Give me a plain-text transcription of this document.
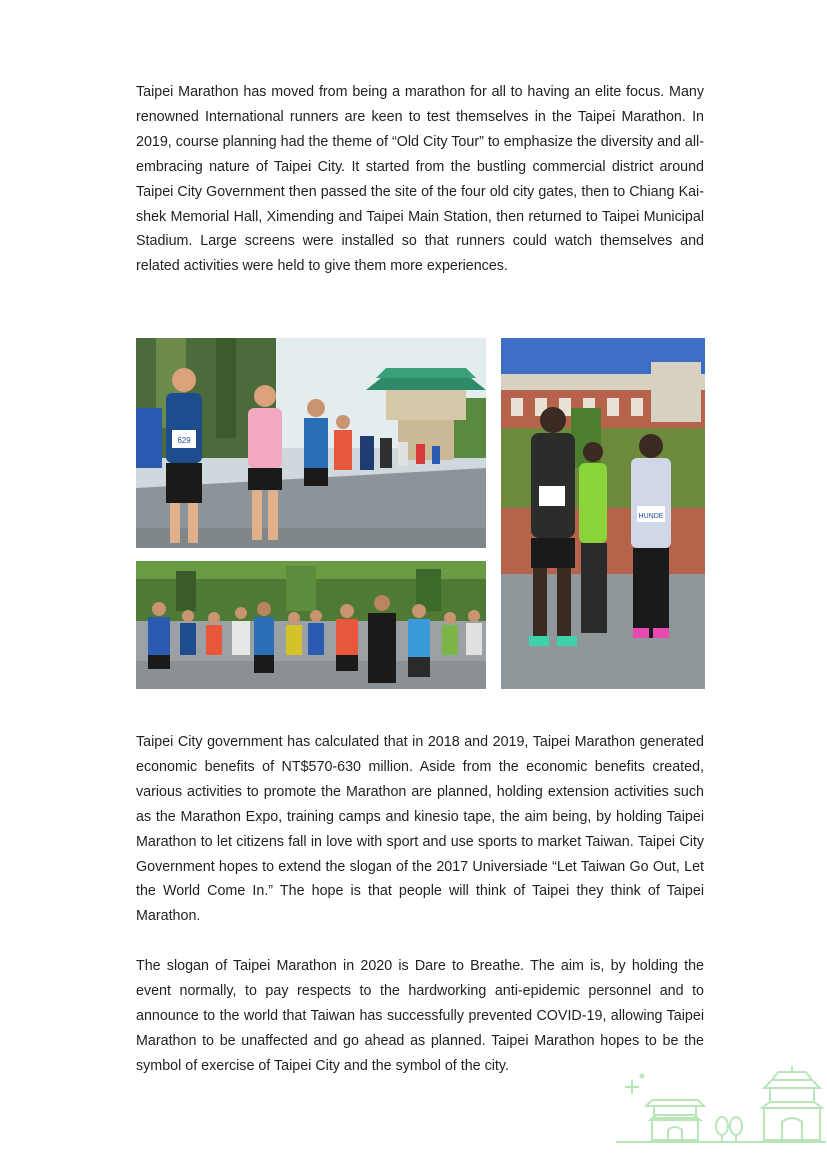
Taipei Marathon has moved from being a marathon for all to having an elite focus. Many renowned International runners are keen to test themselves in the Taipei Marathon. In 2019, course planning had the theme of “Old City Tour” to emphasize the diversity and all-embracing nature of Taipei City. It started from the bustling commercial district around Taipei City Government then passed the site of the four old city gates, then to Chiang Kai-shek Memorial Hall, Ximending and Taipei Main Station, then returned to Taipei Municipal Stadium. Large screens were installed so that runners could watch themselves and related activities were held to give them more experiences.

629
HUNDE

Taipei City government has calculated that in 2018 and 2019, Taipei Marathon generated economic benefits of NT$570-630 million. Aside from the economic benefits created, various activities to promote the Marathon are planned, holding extension activities such as the Marathon Expo, training camps and kinesio tape, the aim being, by holding Taipei Marathon to let citizens fall in love with sport and use sports to market Taiwan. Taipei City Government hopes to extend the slogan of the 2017 Universiade “Let Taiwan Go Out, Let the World Come In.” The hope is that people will think of Taipei they think of Taipei Marathon.

The slogan of Taipei Marathon in 2020 is Dare to Breathe. The aim is, by holding the event normally, to pay respects to the hardworking anti-epidemic personnel and to announce to the world that Taiwan has successfully prevented COVID-19, allowing Taipei Marathon to be unaffected and go ahead as planned. Taipei Marathon hopes to be the symbol of exercise of Taipei City and the symbol of the city.
